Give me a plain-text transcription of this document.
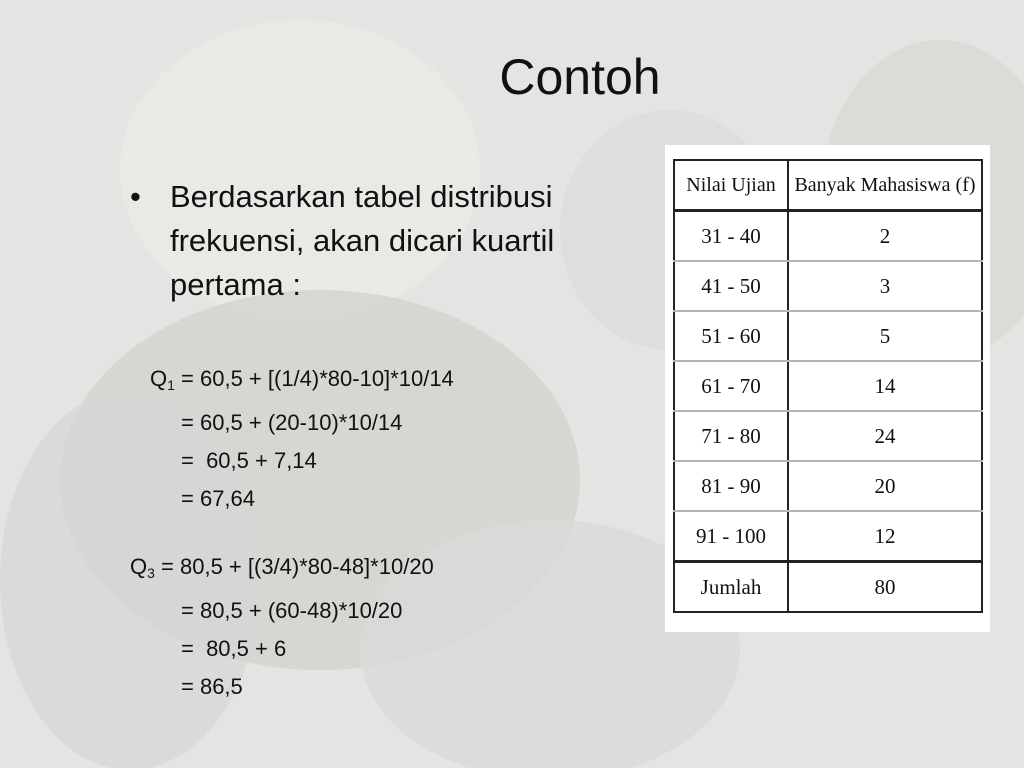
Contoh
• Berdasarkan tabel distribusi frekuensi, akan dicari kuartil pertama :
$Q_1 = 60,5 + [(1/4)*80-10]*10/14$
= 60,5 + (20-10)*10/14
=  60,5 + 7,14
= 67,64
$Q_3 = 80,5 + [(3/4)*80-48]*10/20$
= 80,5 + (60-48)*10/20
=  80,5 + 6
= 86,5
Nilai Ujian	Banyak Mahasiswa (f)
31 - 40	2
41 - 50	3
51 - 60	5
61 - 70	14
71 - 80	24
81 - 90	20
91 - 100	12
Jumlah	80
